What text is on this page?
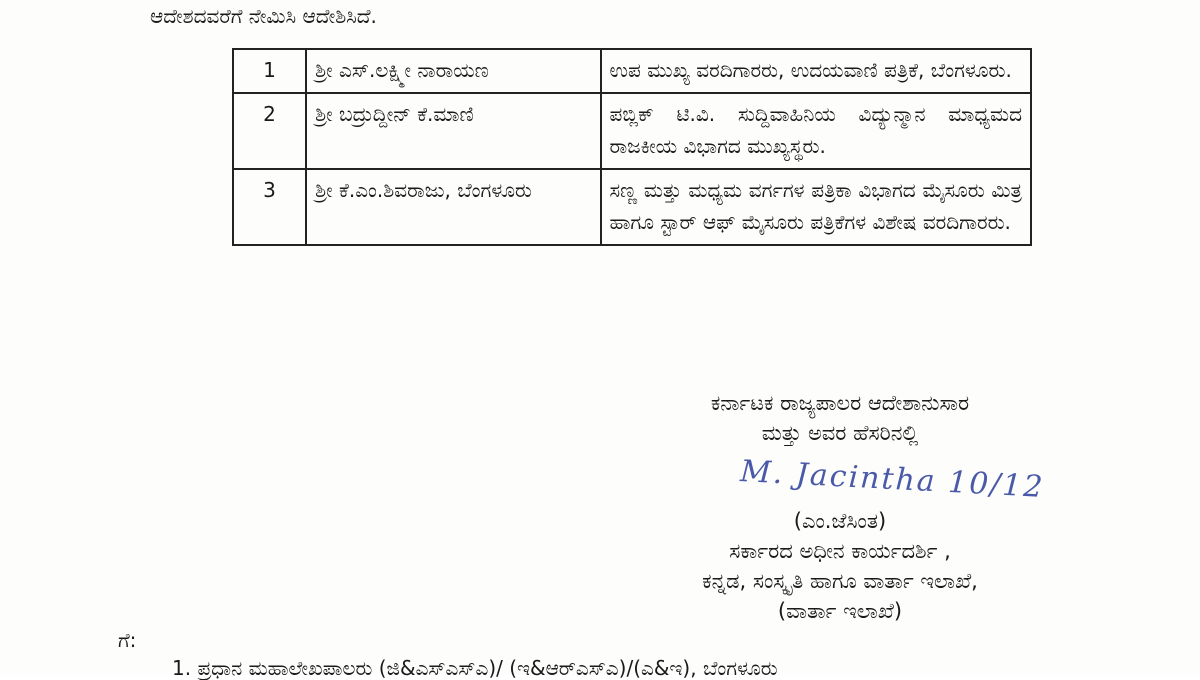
ಆದೇಶದವರೆಗೆ ನೇಮಿಸಿ ಆದೇಶಿಸಿದೆ.
1	ಶ್ರೀ ಎಸ್.ಲಕ್ಷ್ಮೀ ನಾರಾಯಣ	ಉಪ ಮುಖ್ಯ ವರದಿಗಾರರು, ಉದಯವಾಣಿ ಪತ್ರಿಕೆ, ಬೆಂಗಳೂರು.
2	ಶ್ರೀ ಬದ್ರುದ್ದೀನ್ ಕೆ.ಮಾಣಿ	ಪಬ್ಲಿಕ್ ಟಿ.ವಿ. ಸುದ್ದಿವಾಹಿನಿಯ ವಿದ್ಯುನ್ಮಾನ ಮಾಧ್ಯಮದ ರಾಜಕೀಯ ವಿಭಾಗದ ಮುಖ್ಯಸ್ಥರು.
3	ಶ್ರೀ ಕೆ.ಎಂ.ಶಿವರಾಜು, ಬೆಂಗಳೂರು	ಸಣ್ಣ ಮತ್ತು ಮಧ್ಯಮ ವರ್ಗಗಳ ಪತ್ರಿಕಾ ವಿಭಾಗದ ಮೈಸೂರು ಮಿತ್ರ ಹಾಗೂ ಸ್ಟಾರ್ ಆಫ್ ಮೈಸೂರು ಪತ್ರಿಕೆಗಳ ವಿಶೇಷ ವರದಿಗಾರರು.
ಕರ್ನಾಟಕ ರಾಜ್ಯಪಾಲರ ಆದೇಶಾನುಸಾರ
ಮತ್ತು ಅವರ ಹೆಸರಿನಲ್ಲಿ
M. Jacintha 10/12
(ಎಂ.ಜೆಸಿಂತ)
ಸರ್ಕಾರದ ಅಧೀನ ಕಾರ್ಯದರ್ಶಿ ,
ಕನ್ನಡ, ಸಂಸ್ಕೃತಿ ಹಾಗೂ ವಾರ್ತಾ ಇಲಾಖೆ,
(ವಾರ್ತಾ ಇಲಾಖೆ)
ಗೆ:
1. ಪ್ರಧಾನ ಮಹಾಲೇಖಪಾಲರು (ಜಿ&ಎಸ್‌ಎಸ್‌ಎ)/ (ಇ&ಆರ್‌ಎಸ್‌ಎ)/(ಎ&ಇ), ಬೆಂಗಳೂರು
